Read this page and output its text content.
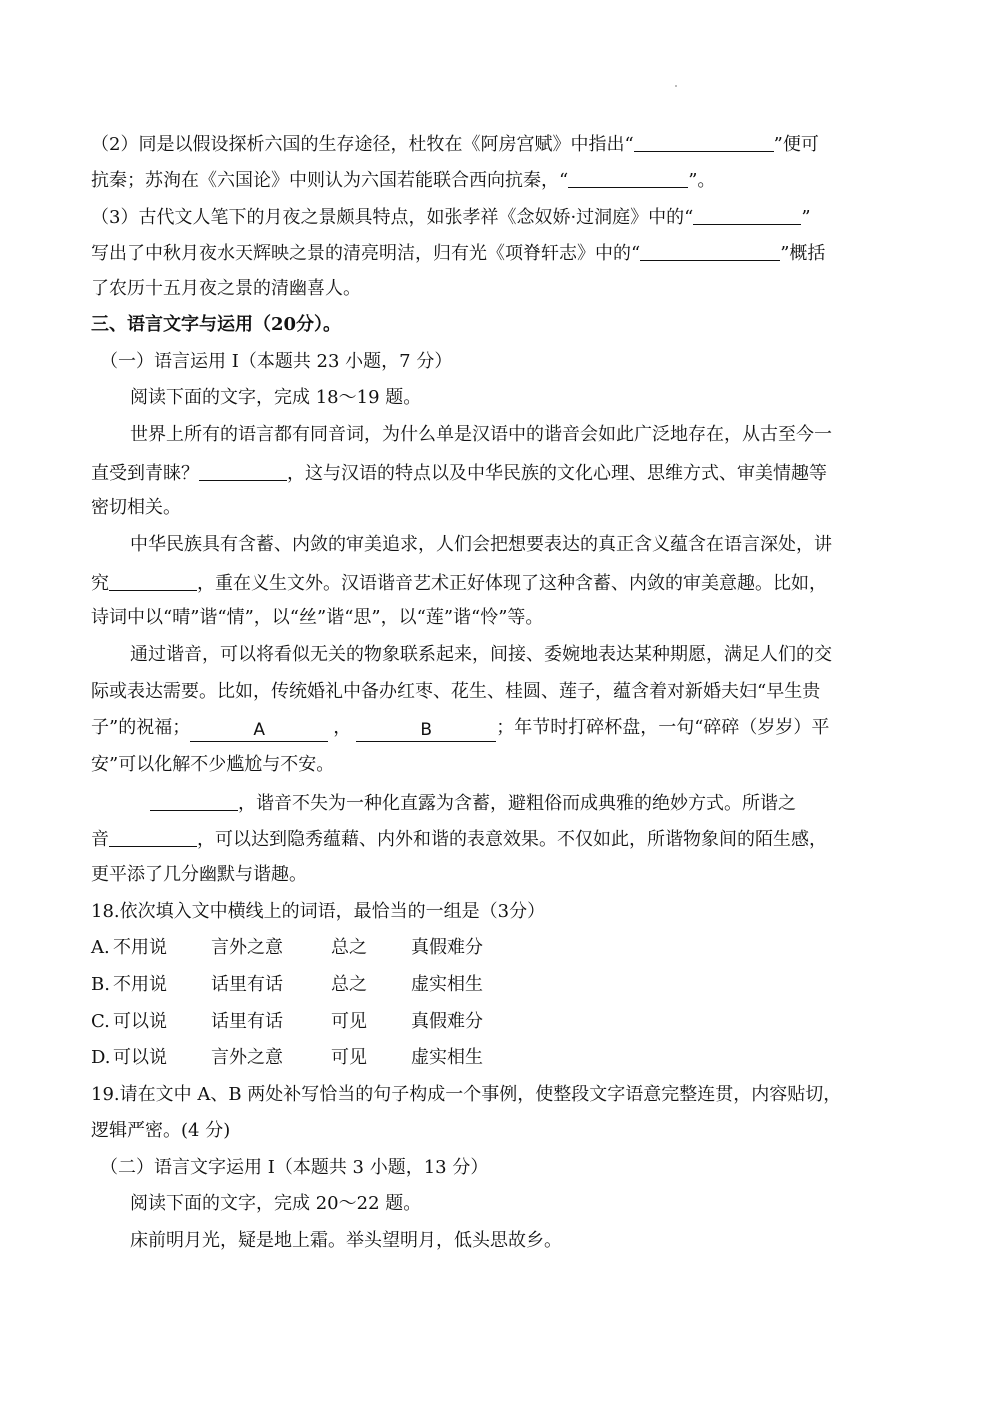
（2）同是以假设探析六国的生存途径，杜牧在《阿房宫赋》中指出“	”便可
抗秦；苏洵在《六国论》中则认为六国若能联合西向抗秦，“	”。
（3）古代文人笔下的月夜之景颇具特点，如张孝祥《念奴娇·过洞庭》中的“	”
写出了中秋月夜水天辉映之景的清亮明洁，归有光《项脊轩志》中的“	”概括
了农历十五月夜之景的清幽喜人。
三、语言文字与运用（20分）。
（一）语言运用 I（本题共 23 小题，7 分）
阅读下面的文字，完成 18～19 题。
世界上所有的语言都有同音词，为什么单是汉语中的谐音会如此广泛地存在，从古至今一
直受到青睐？	，这与汉语的特点以及中华民族的文化心理、思维方式、审美情趣等
密切相关。
中华民族具有含蓄、内敛的审美追求，人们会把想要表达的真正含义蕴含在语言深处，讲
究	，重在义生文外。汉语谐音艺术正好体现了这种含蓄、内敛的审美意趣。比如，
诗词中以“晴”谐“情”，以“丝”谐“思”，以“莲”谐“怜”等。
通过谐音，可以将看似无关的物象联系起来，间接、委婉地表达某种期愿，满足人们的交
际或表达需要。比如，传统婚礼中备办红枣、花生、桂圆、莲子，蕴含着对新婚夫妇“早生贵
子”的祝福；	A	，	B	；年节时打碎杯盘，一句“碎碎（岁岁）平
安”可以化解不少尴尬与不安。
，谐音不失为一种化直露为含蓄，避粗俗而成典雅的绝妙方式。所谐之
音	，可以达到隐秀蕴藉、内外和谐的表意效果。不仅如此，所谐物象间的陌生感，
更平添了几分幽默与谐趣。
18.依次填入文中横线上的词语，最恰当的一组是（3分）
A. 不用说 言外之意	总之 真假难分
B. 不用说 话里有话	总之 虚实相生
C. 可以说 话里有话	可见 真假难分
D. 可以说 言外之意	可见 虚实相生
19.请在文中 A、B 两处补写恰当的句子构成一个事例，使整段文字语意完整连贯，内容贴切，
逻辑严密。(4 分)
（二）语言文字运用 I（本题共 3 小题，13 分）
阅读下面的文字，完成 20～22 题。
床前明月光，疑是地上霜。举头望明月，低头思故乡。
